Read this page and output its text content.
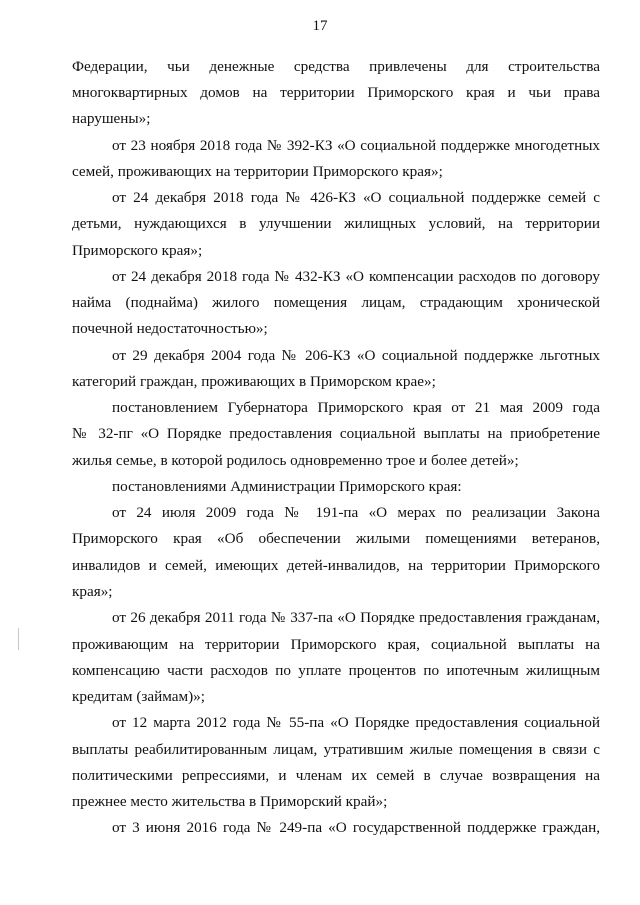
17
Федерации, чьи денежные средства привлечены для строительства
многоквартирных домов на территории Приморского края и чьи права
нарушены»;
от 23 ноября 2018 года № 392-КЗ «О социальной поддержке многодетных
семей, проживающих на территории Приморского края»;
от 24 декабря 2018 года № 426-КЗ «О социальной поддержке семей с
детьми, нуждающихся в улучшении жилищных условий, на территории
Приморского края»;
от 24 декабря 2018 года № 432-КЗ «О компенсации расходов по договору
найма (поднайма) жилого помещения лицам, страдающим хронической
почечной недостаточностью»;
от 29 декабря 2004 года № 206-КЗ «О социальной поддержке льготных
категорий граждан, проживающих в Приморском крае»;
постановлением Губернатора Приморского края от 21 мая 2009 года
№ 32-пг «О Порядке предоставления социальной выплаты на приобретение
жилья семье, в которой родилось одновременно трое и более детей»;
постановлениями Администрации Приморского края:
от 24 июля 2009 года № 191-па «О мерах по реализации Закона
Приморского края «Об обеспечении жилыми помещениями ветеранов,
инвалидов и семей, имеющих детей-инвалидов, на территории Приморского
края»;
от 26 декабря 2011 года № 337-па «О Порядке предоставления гражданам,
проживающим на территории Приморского края, социальной выплаты на
компенсацию части расходов по уплате процентов по ипотечным жилищным
кредитам (займам)»;
от 12 марта 2012 года № 55-па «О Порядке предоставления социальной
выплаты реабилитированным лицам, утратившим жилые помещения в связи с
политическими репрессиями, и членам их семей в случае возвращения на
прежнее место жительства в Приморский край»;
от 3 июня 2016 года № 249-па «О государственной поддержке граждан,
